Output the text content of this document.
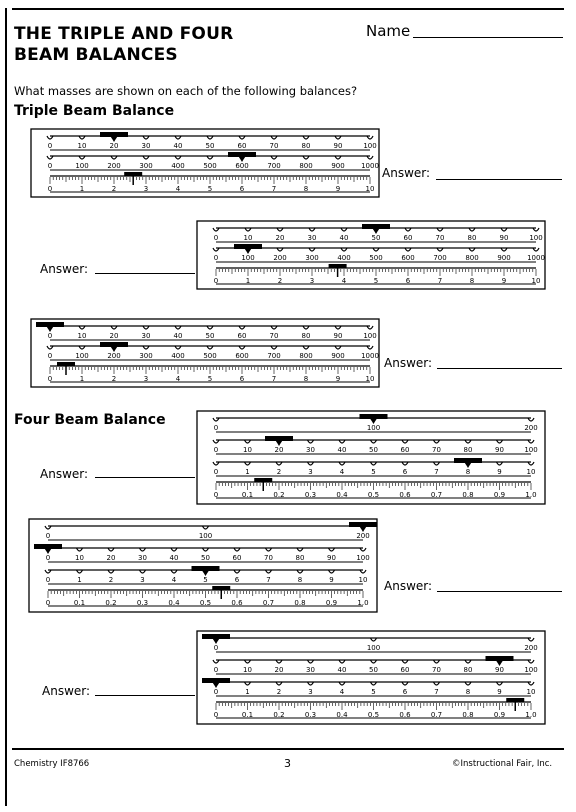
THE TRIPLE AND FOUR
BEAM BALANCES
Name
What masses are shown on each of the following balances?
Triple Beam Balance
Four Beam Balance
0	10	20	30	40	50	60	70	80	90	100
0	100	200	300	400	500	600	700	800	900 1000
0	1	2	3	4	5	6	7	8	9	10
Answer:
0	10	20	30	40	50	60	70	80	90	100
0	100	200	300	400	500	600	700	800	900 1000
0	1	2	3	4	5	6	7	8	9	10
Answer:
0	10	20	30	40	50	60	70	80	90	100
0	100	200	300	400	500	600	700	800	900 1000
0	1	2	3	4	5	6	7	8	9	10
Answer:
0	100	200
0	10	20	30	40	50	60	70	80	90	100
0	1	2	3	4	5	6	7	8	9	10
0	0.1	0.2	0.3	0.4	0.5	0.6	0.7	0.8	0.9	1.0
Answer:
0	100	200
0	10	20	30	40	50	60	70	80	90	100
0	1	2	3	4	5	6	7	8	9	10
0	0.1	0.2	0.3	0.4	0.5	0.6	0.7	0.8	0.9	1.0
Answer:
0	100	200
0	10	20	30	40	50	60	70	80	90	100
0	1	2	3	4	5	6	7	8	9	10
0	0.1	0.2	0.3	0.4	0.5	0.6	0.7	0.8	0.9	1.0
Answer:
Chemistry IF8766	3	©Instructional Fair, Inc.
